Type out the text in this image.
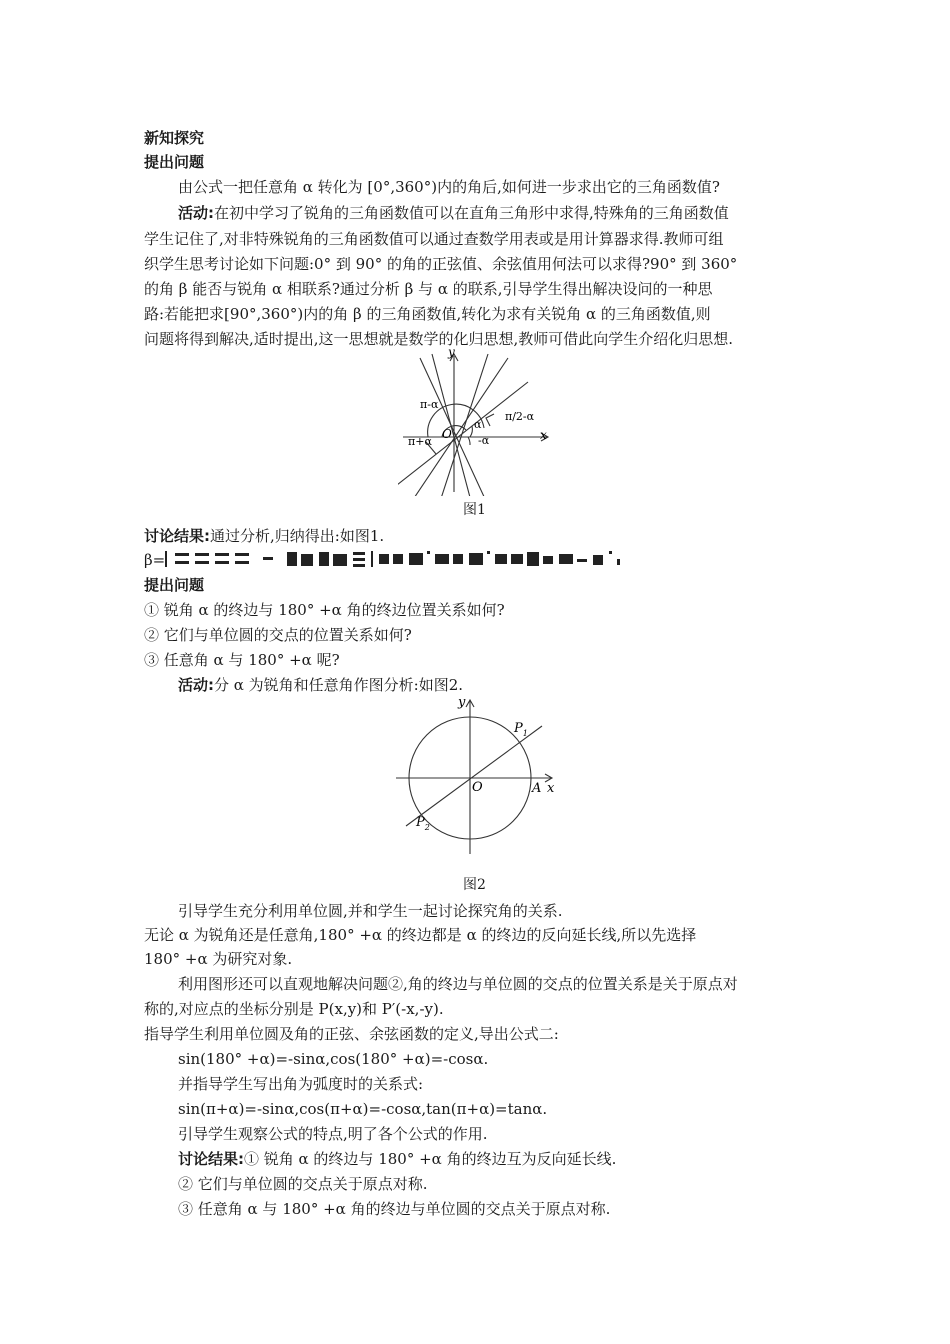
新知探究
提出问题
由公式一把任意角 α 转化为 [0°,360°)内的角后,如何进一步求出它的三角函数值?
活动:在初中学习了锐角的三角函数值可以在直角三角形中求得,特殊角的三角函数值
学生记住了,对非特殊锐角的三角函数值可以通过查数学用表或是用计算器求得.教师可组
织学生思考讨论如下问题:0° 到 90° 的角的正弦值、余弦值用何法可以求得?90° 到 360°
的角 β 能否与锐角 α 相联系?通过分析 β 与 α 的联系,引导学生得出解决设问的一种思
路:若能把求[90°,360°)内的角 β 的三角函数值,转化为求有关锐角 α 的三角函数值,则
问题将得到解决,适时提出,这一思想就是数学的化归思想,教师可借此向学生介绍化归思想.
y
x
O
π-α
π/2-α
α
-α
π+α
图1
讨论结果:通过分析,归纳得出:如图1.
β=
提出问题
① 锐角 α 的终边与 180° +α 角的终边位置关系如何?
② 它们与单位圆的交点的位置关系如何?
③ 任意角 α 与 180° +α 呢?
活动:分 α 为锐角和任意角作图分析:如图2.
y
x
O	A
$P_1$
$P_2$
图2
引导学生充分利用单位圆,并和学生一起讨论探究角的关系.
无论 α 为锐角还是任意角,180° +α 的终边都是 α 的终边的反向延长线,所以先选择
180° +α 为研究对象.
利用图形还可以直观地解决问题②,角的终边与单位圆的交点的位置关系是关于原点对
称的,对应点的坐标分别是 P(x,y)和 P′(-x,-y).
指导学生利用单位圆及角的正弦、余弦函数的定义,导出公式二:
sin(180° +α)=-sinα,cos(180° +α)=-cosα.
并指导学生写出角为弧度时的关系式:
sin(π+α)=-sinα,cos(π+α)=-cosα,tan(π+α)=tanα.
引导学生观察公式的特点,明了各个公式的作用.
讨论结果:① 锐角 α 的终边与 180° +α 角的终边互为反向延长线.
② 它们与单位圆的交点关于原点对称.
③ 任意角 α 与 180° +α 角的终边与单位圆的交点关于原点对称.
